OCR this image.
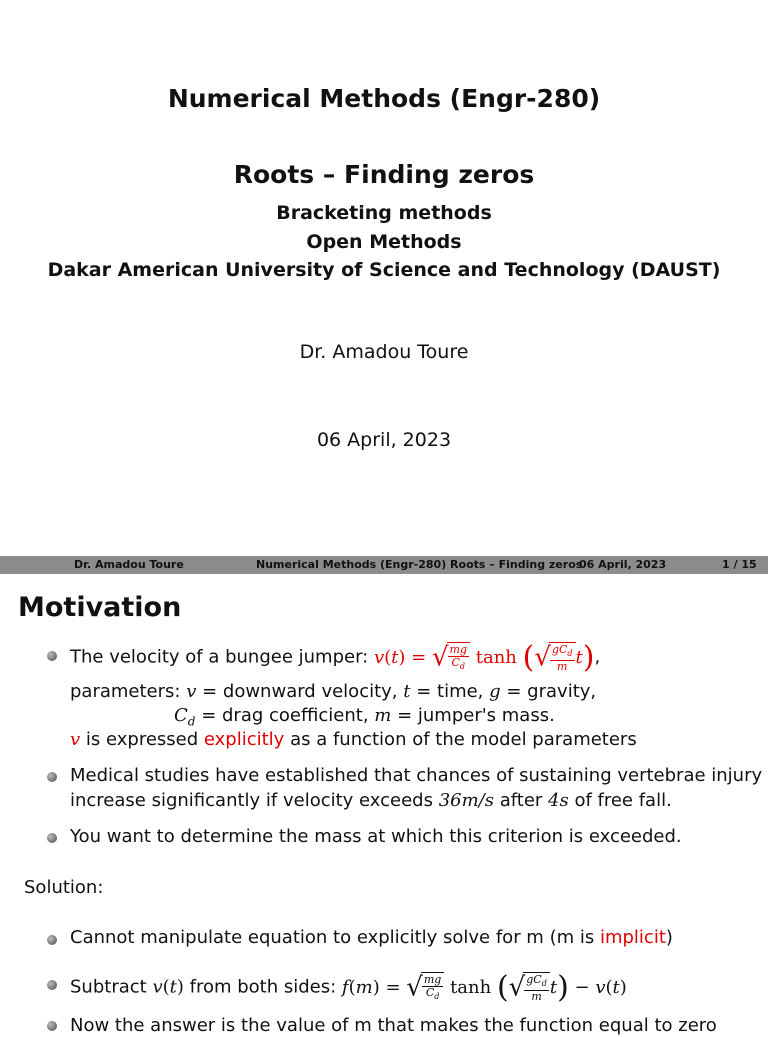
Numerical Methods (Engr-280)
Roots – Finding zeros
Bracketing methods
Open Methods
Dakar American University of Science and Technology (DAUST)
Dr. Amadou Toure
06 April, 2023
Dr. Amadou Toure	Numerical Methods (Engr-280) Roots – Finding zeros
06 April, 2023	1 / 15
Motivation
The velocity of a bungee jumper: v(t) = √ $\frac{mg}{C_d}$ tanh (√ $\frac{gC_d}{m} t$),
parameters: v = downward velocity, t = time, g = gravity,
$C_d$ = drag coefficient, m = jumper's mass.
v is expressed explicitly as a function of the model parameters
Medical studies have established that chances of sustaining vertebrae injury
increase significantly if velocity exceeds 36m/s after 4s of free fall.
You want to determine the mass at which this criterion is exceeded.
Solution:
Cannot manipulate equation to explicitly solve for m (m is implicit)
Subtract v(t) from both sides: f(m) = √ $\frac{mg}{C_d}$ tanh (√ $\frac{gC_d}{m} t) - v(t)$
Now the answer is the value of m that makes the function equal to zero
